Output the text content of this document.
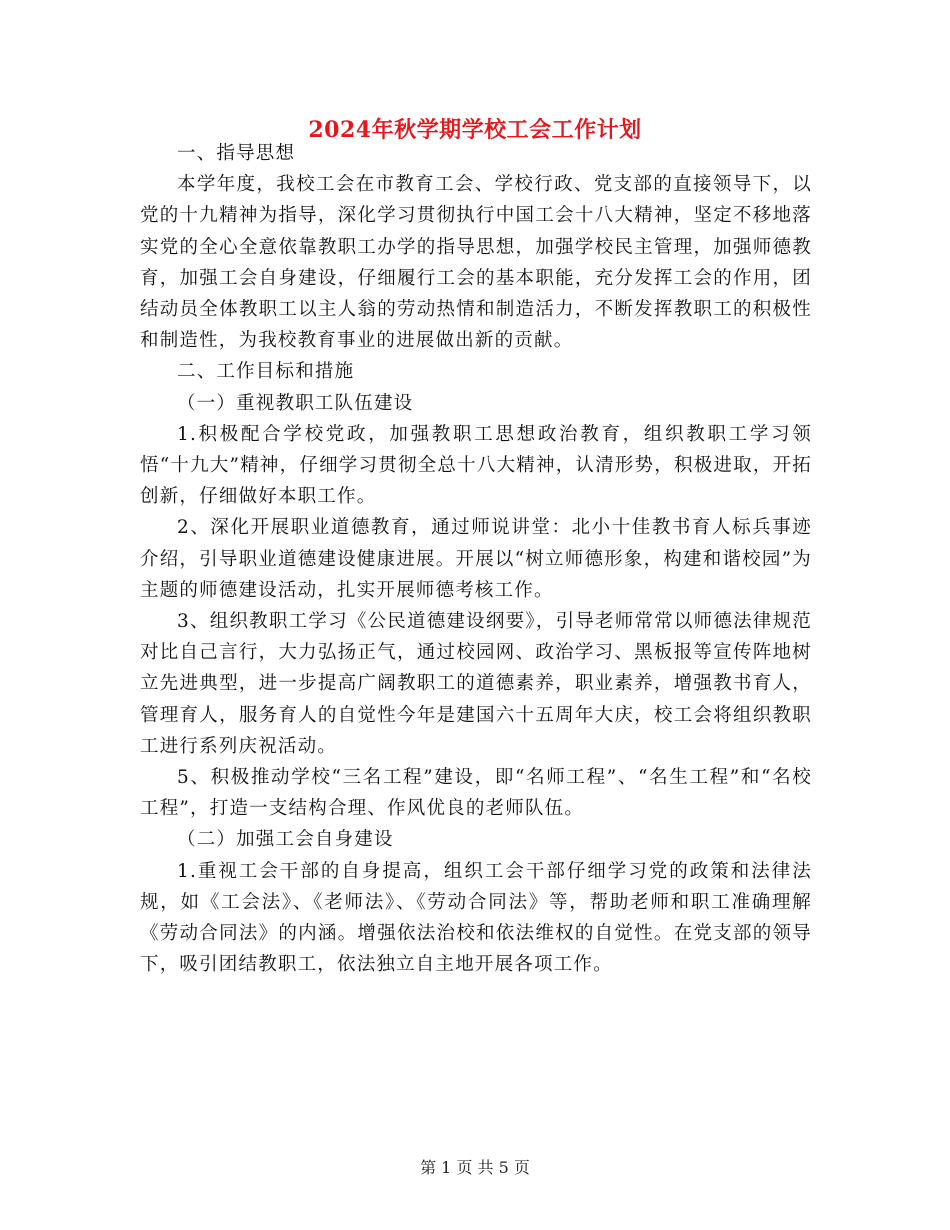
2024年秋学期学校工会工作计划

一、指导思想

本学年度，我校工会在市教育工会、学校行政、党支部的直接领导下，以党的十九精神为指导，深化学习贯彻执行中国工会十八大精神，坚定不移地落实党的全心全意依靠教职工办学的指导思想，加强学校民主管理，加强师德教育，加强工会自身建设，仔细履行工会的基本职能，充分发挥工会的作用，团结动员全体教职工以主人翁的劳动热情和制造活力，不断发挥教职工的积极性和制造性，为我校教育事业的进展做出新的贡献。

二、工作目标和措施

（一）重视教职工队伍建设

1.积极配合学校党政，加强教职工思想政治教育，组织教职工学习领悟“十九大”精神，仔细学习贯彻全总十八大精神，认清形势，积极进取，开拓创新，仔细做好本职工作。

2、深化开展职业道德教育，通过师说讲堂：北小十佳教书育人标兵事迹介绍，引导职业道德建设健康进展。开展以“树立师德形象，构建和谐校园”为主题的师德建设活动，扎实开展师德考核工作。

3、组织教职工学习《公民道德建设纲要》，引导老师常常以师德法律规范对比自己言行，大力弘扬正气，通过校园网、政治学习、黑板报等宣传阵地树立先进典型，进一步提高广阔教职工的道德素养，职业素养，增强教书育人，管理育人，服务育人的自觉性今年是建国六十五周年大庆，校工会将组织教职工进行系列庆祝活动。

5、积极推动学校“三名工程”建设，即“名师工程”、“名生工程”和“名校工程”，打造一支结构合理、作风优良的老师队伍。

（二）加强工会自身建设

1.重视工会干部的自身提高，组织工会干部仔细学习党的政策和法律法规，如《工会法》、《老师法》、《劳动合同法》等，帮助老师和职工准确理解《劳动合同法》的内涵。增强依法治校和依法维权的自觉性。在党支部的领导下，吸引团结教职工，依法独立自主地开展各项工作。

第 1 页 共 5 页
